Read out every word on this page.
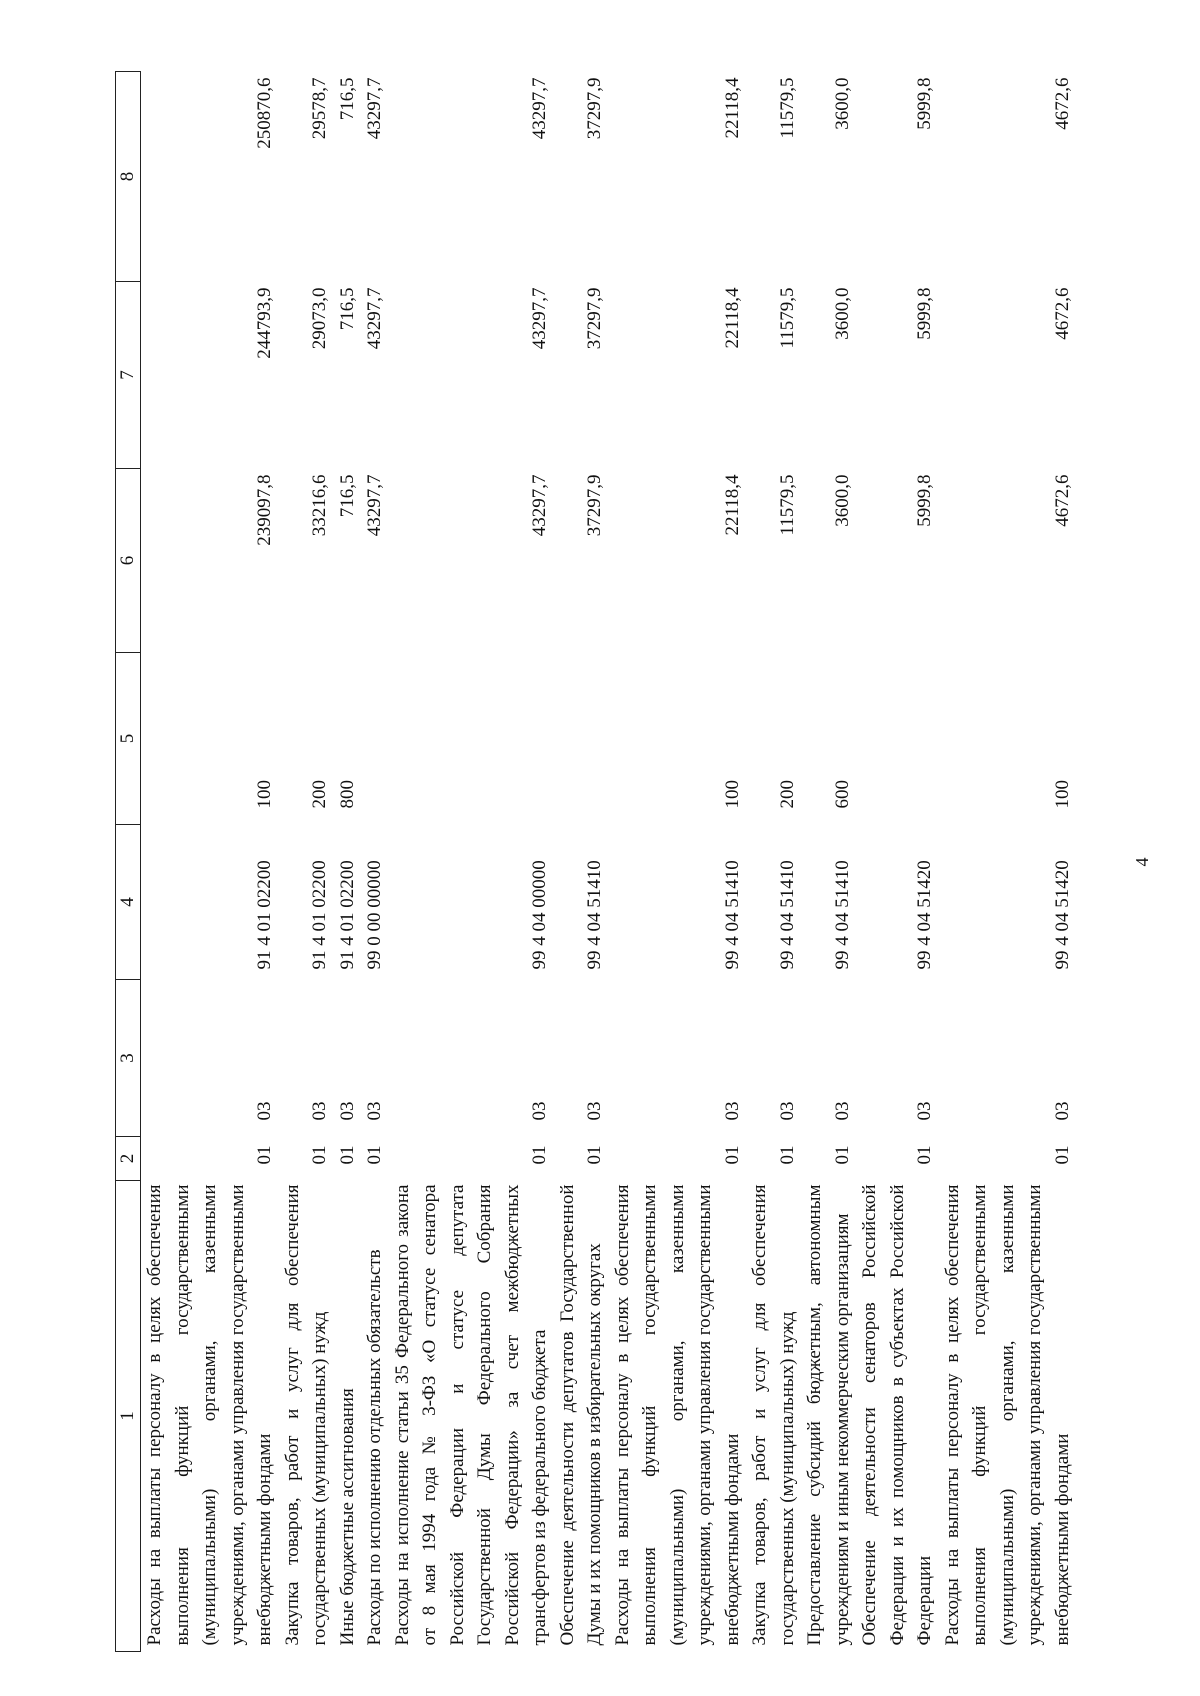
1	2	3	4	5	6	7	8
Расходы на выплаты персоналу в целях обеспечения выполнения функций государственными (муниципальными) органами, казенными учреждениями, органами управления государственными внебюджетными фондами	01	03	91 4 01 02200	100	239097,8	244793,9	250870,6
Закупка товаров, работ и услуг для обеспечения государственных (муниципальных) нужд	01	03	91 4 01 02200	200	33216,6	29073,0	29578,7
Иные бюджетные ассигнования	01	03	91 4 01 02200	800	716,5	716,5	716,5
Расходы по исполнению отдельных обязательств	01	03	99 0 00 00000		43297,7	43297,7	43297,7
Расходы на исполнение статьи 35 Федерального закона от 8 мая 1994 года № 3-ФЗ «О статусе сенатора Российской Федерации и статусе депутата Государственной Думы Федерального Собрания Российской Федерации» за счет межбюджетных трансфертов из федерального бюджета	01	03	99 4 04 00000		43297,7	43297,7	43297,7
Обеспечение деятельности депутатов Государственной Думы и их помощников в избирательных округах	01	03	99 4 04 51410		37297,9	37297,9	37297,9
Расходы на выплаты персоналу в целях обеспечения выполнения функций государственными (муниципальными) органами, казенными учреждениями, органами управления государственными внебюджетными фондами	01	03	99 4 04 51410	100	22118,4	22118,4	22118,4
Закупка товаров, работ и услуг для обеспечения государственных (муниципальных) нужд	01	03	99 4 04 51410	200	11579,5	11579,5	11579,5
Предоставление субсидий бюджетным, автономным учреждениям и иным некоммерческим организациям	01	03	99 4 04 51410	600	3600,0	3600,0	3600,0
Обеспечение деятельности сенаторов Российской Федерации и их помощников в субъектах Российской Федерации	01	03	99 4 04 51420		5999,8	5999,8	5999,8
Расходы на выплаты персоналу в целях обеспечения выполнения функций государственными (муниципальными) органами, казенными учреждениями, органами управления государственными внебюджетными фондами	01	03	99 4 04 51420	100	4672,6	4672,6	4672,6
4
